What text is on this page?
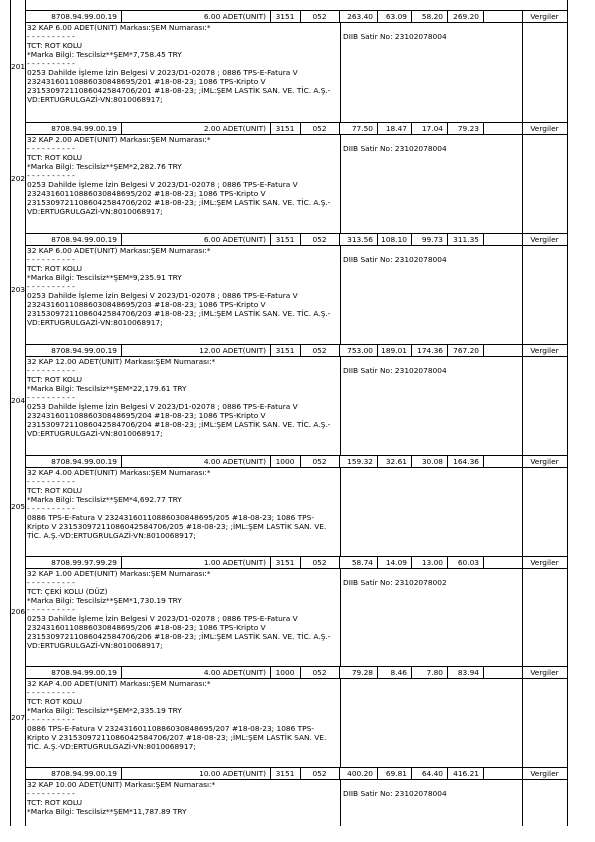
8708.94.99.00.19	6.00 ADET(UNIT)	3151	052	263.40	63.09	58.20	269.20	Vergiler
32 KAP 6.00 ADET(UNIT) Markası:ŞEM Numarası:*
- - - - - - - - - -
TCT: ROT KOLU
*Marka Bilgi: Tescilsiz**ŞEM*7,758.45 TRY
- - - - - - - - - -
0253 Dahilde İşleme İzin Belgesi V 2023/D1-02078 ; 0886 TPS-E-Fatura V 23243160110886030848695/201 #18-08-23; 1086 TPS-Kripto V 23153097211086042584706/201 #18-08-23; ;İML:ŞEM LASTİK SAN. VE. TİC. A.Ş.-VD:ERTUGRULGAZİ-VN:8010068917;
DIIB Satir No: 23102078004
201
8708.94.99.00.19	2.00 ADET(UNIT)	3151	052	77.50	18.47	17.04	79.23	Vergiler
32 KAP 2.00 ADET(UNIT) Markası:ŞEM Numarası:*
- - - - - - - - - -
TCT: ROT KOLU
*Marka Bilgi: Tescilsiz**ŞEM*2,282.76 TRY
- - - - - - - - - -
0253 Dahilde İşleme İzin Belgesi V 2023/D1-02078 ; 0886 TPS-E-Fatura V 23243160110886030848695/202 #18-08-23; 1086 TPS-Kripto V 23153097211086042584706/202 #18-08-23; ;İML:ŞEM LASTİK SAN. VE. TİC. A.Ş.-VD:ERTUGRULGAZİ-VN:8010068917;
DIIB Satir No: 23102078004
202
8708.94.99.00.19	6.00 ADET(UNIT)	3151	052	313.56 108.10	99.73	311.35	Vergiler
32 KAP 6.00 ADET(UNIT) Markası:ŞEM Numarası:*
- - - - - - - - - -
TCT: ROT KOLU
*Marka Bilgi: Tescilsiz**ŞEM*9,235.91 TRY
- - - - - - - - - -
0253 Dahilde İşleme İzin Belgesi V 2023/D1-02078 ; 0886 TPS-E-Fatura V 23243160110886030848695/203 #18-08-23; 1086 TPS-Kripto V 23153097211086042584706/203 #18-08-23; ;İML:ŞEM LASTİK SAN. VE. TİC. A.Ş.-VD:ERTUGRULGAZİ-VN:8010068917;
DIIB Satir No: 23102078004
203
8708.94.99.00.19	12.00 ADET(UNIT)	3151	052	753.00 189.01	174.36	767.20	Vergiler
32 KAP 12.00 ADET(UNIT) Markası:ŞEM Numarası:*
- - - - - - - - - -
TCT: ROT KOLU
*Marka Bilgi: Tescilsiz**ŞEM*22,179.61 TRY
- - - - - - - - - -
0253 Dahilde İşleme İzin Belgesi V 2023/D1-02078 ; 0886 TPS-E-Fatura V 23243160110886030848695/204 #18-08-23; 1086 TPS-Kripto V 23153097211086042584706/204 #18-08-23; ;İML:ŞEM LASTİK SAN. VE. TİC. A.Ş.-VD:ERTUGRULGAZİ-VN:8010068917;
DIIB Satir No: 23102078004
204
8708.94.99.00.19	4.00 ADET(UNIT)	1000	052	159.32	32.61	30.08	164.36	Vergiler
32 KAP 4.00 ADET(UNIT) Markası:ŞEM Numarası:*
- - - - - - - - - -
TCT: ROT KOLU
*Marka Bilgi: Tescilsiz**ŞEM*4,692.77 TRY
- - - - - - - - - -
0886 TPS-E-Fatura V 23243160110886030848695/205 #18-08-23; 1086 TPS-Kripto V 23153097211086042584706/205 #18-08-23; ;İML:ŞEM LASTİK SAN. VE. TİC. A.Ş.-VD:ERTUGRULGAZİ-VN:8010068917;
205
8708.99.97.99.29	1.00 ADET(UNIT)	3151	052	58.74	14.09	13.00	60.03	Vergiler
32 KAP 1.00 ADET(UNIT) Markası:ŞEM Numarası:*
- - - - - - - - - -
TCT: ÇEKİ KOLU (DÜZ)
*Marka Bilgi: Tescilsiz**ŞEM*1,730.19 TRY
- - - - - - - - - -
0253 Dahilde İşleme İzin Belgesi V 2023/D1-02078 ; 0886 TPS-E-Fatura V 23243160110886030848695/206 #18-08-23; 1086 TPS-Kripto V 23153097211086042584706/206 #18-08-23; ;İML:ŞEM LASTİK SAN. VE. TİC. A.Ş.-VD:ERTUGRULGAZİ-VN:8010068917;
DIIB Satir No: 23102078002
206
8708.94.99.00.19	4.00 ADET(UNIT)	1000	052	79.28	8.46	7.80	83.94	Vergiler
32 KAP 4.00 ADET(UNIT) Markası:ŞEM Numarası:*
- - - - - - - - - -
TCT: ROT KOLU
*Marka Bilgi: Tescilsiz**ŞEM*2,335.19 TRY
- - - - - - - - - -
0886 TPS-E-Fatura V 23243160110886030848695/207 #18-08-23; 1086 TPS-Kripto V 23153097211086042584706/207 #18-08-23; ;İML:ŞEM LASTİK SAN. VE. TİC. A.Ş.-VD:ERTUGRULGAZİ-VN:8010068917;
207
8708.94.99.00.19	10.00 ADET(UNIT)	3151	052	400.20	69.81	64.40	416.21	Vergiler
32 KAP 10.00 ADET(UNIT) Markası:ŞEM Numarası:*
- - - - - - - - - -
TCT: ROT KOLU
*Marka Bilgi: Tescilsiz**ŞEM*11,787.89 TRY
DIIB Satir No: 23102078004
